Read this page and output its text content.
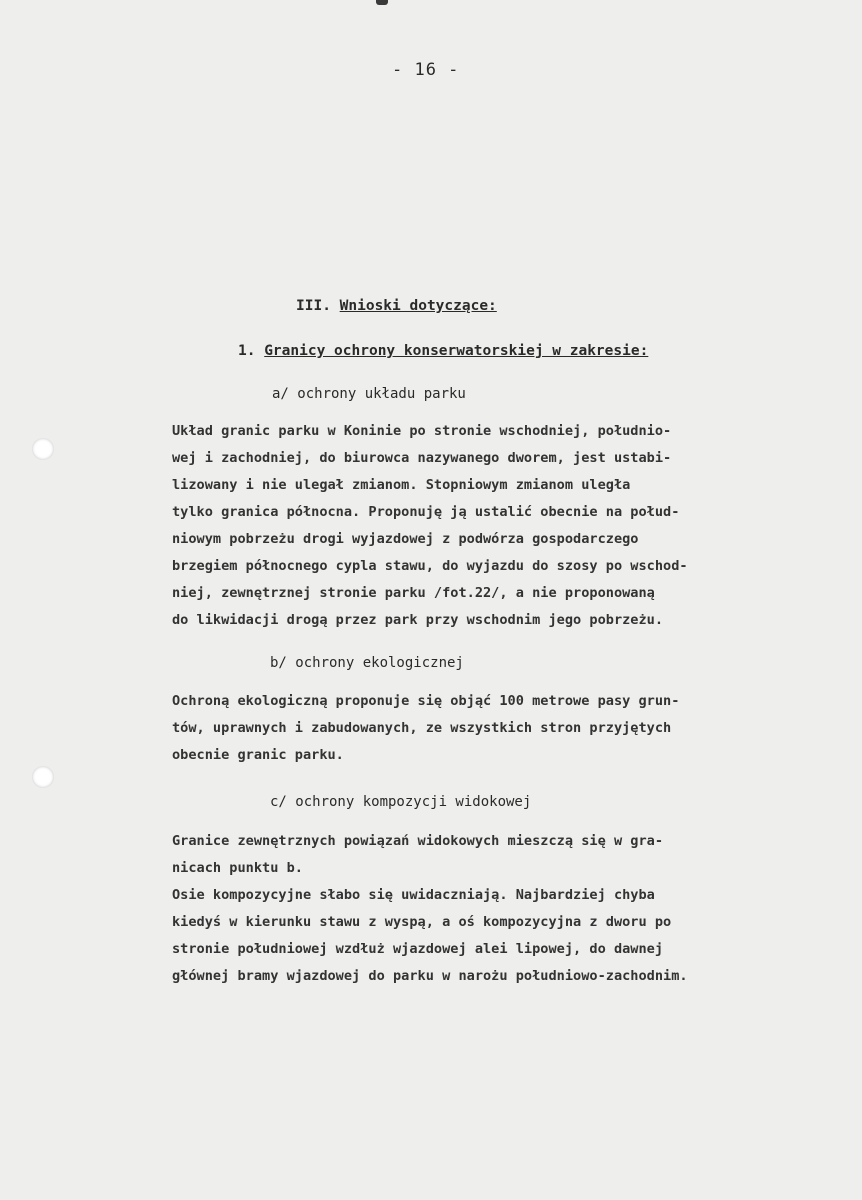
- 16 -
III. Wnioski dotyczące:
1. Granicy ochrony konserwatorskiej w zakresie:
a/ ochrony układu parku
Układ granic parku w Koninie po stronie wschodniej, południo-
wej i zachodniej, do biurowca nazywanego dworem, jest ustabi-
lizowany i nie ulegał zmianom. Stopniowym zmianom uległa
tylko granica północna. Proponuję ją ustalić obecnie na połud-
niowym pobrzeżu drogi wyjazdowej z podwórza gospodarczego
brzegiem północnego cypla stawu, do wyjazdu do szosy po wschod-
niej, zewnętrznej stronie parku /fot.22/, a nie proponowaną
do likwidacji drogą przez park przy wschodnim jego pobrzeżu.
b/ ochrony ekologicznej
Ochroną ekologiczną proponuje się objąć 100 metrowe pasy grun-
tów, uprawnych i zabudowanych, ze wszystkich stron przyjętych
obecnie granic parku.
c/ ochrony kompozycji widokowej
Granice zewnętrznych powiązań widokowych mieszczą się w gra-
nicach punktu b.
Osie kompozycyjne słabo się uwidaczniają. Najbardziej chyba
kiedyś w kierunku stawu z wyspą, a oś kompozycyjna z dworu po
stronie południowej wzdłuż wjazdowej alei lipowej, do dawnej
głównej bramy wjazdowej do parku w narożu południowo-zachodnim.
